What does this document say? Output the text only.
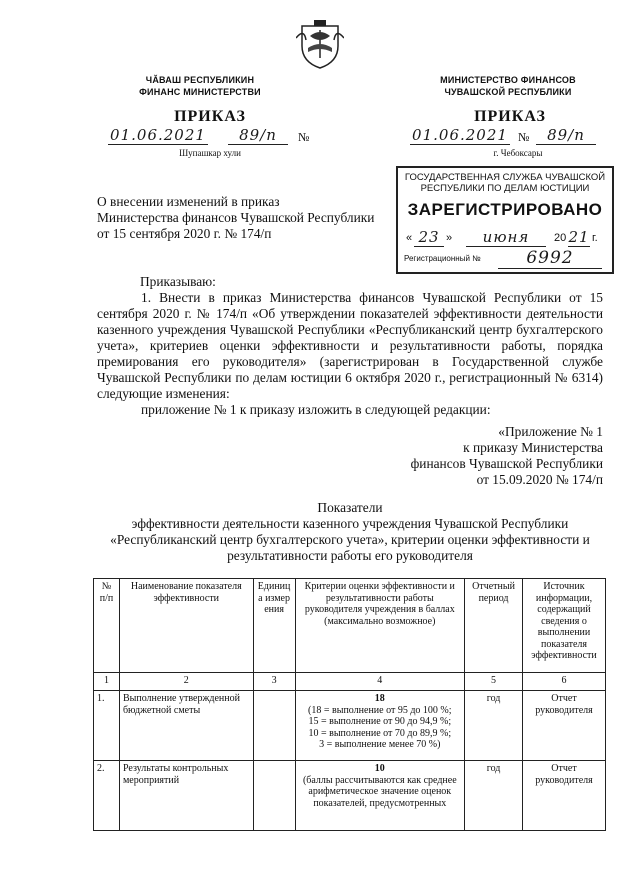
ЧĂВАШ РЕСПУБЛИКИН
ФИНАНС МИНИСТЕРСТВИ
ПРИКАЗ
01.06.2021	89/п	№
Шупашкар хули
МИНИСТЕРСТВО ФИНАНСОВ
ЧУВАШСКОЙ РЕСПУБЛИКИ
ПРИКАЗ
01.06.2021 №	89/п
г. Чебоксары
ГОСУДАРСТВЕННАЯ СЛУЖБА ЧУВАШСКОЙ
РЕСПУБЛИКИ ПО ДЕЛАМ ЮСТИЦИИ
ЗАРЕГИСТРИРОВАНО
« 23 »	июня	20 21 г.
Регистрационный №	6992
О внесении изменений в приказ
Министерства финансов Чувашской Республики
от 15 сентября 2020 г. № 174/п
Приказываю:
1. Внести в приказ Министерства финансов Чувашской Республики от 15 сентября 2020 г. № 174/п «Об утверждении показателей эффективности деятельности казенного учреждения Чувашской Республики «Республиканский центр бухгалтерского учета», критериев оценки эффективности и результативности работы, порядка премирования его руководителя» (зарегистрирован в Государственной службе Чувашской Республики по делам юстиции 6 октября 2020 г., регистрационный № 6314) следующие изменения:
приложение № 1 к приказу изложить в следующей редакции:
«Приложение № 1
к приказу Министерства
финансов Чувашской Республики
от 15.09.2020 № 174/п
Показатели
эффективности деятельности казенного учреждения Чувашской Республики
«Республиканский центр бухгалтерского учета», критерии оценки эффективности и
результативности работы его руководителя
№ п/п	Наименование показателя эффективности	Единица измерения	Критерии оценки эффективности и результативности работы руководителя учреждения в баллах (максимально возможное)	Отчетный период	Источник информации, содержащий сведения о выполнении показателя эффективности
1	2	3	4	5	6
1.	Выполнение утвержденной бюджетной сметы		18
(18 = выполнение от 95 до 100 %;
15 = выполнение от 90 до 94,9 %;
10 = выполнение от 70 до 89,9 %;
3 = выполнение менее 70 %)	год	Отчет руководителя
2.	Результаты контрольных мероприятий		10
(баллы рассчитываются как среднее
арифметическое значение оценок
показателей, предусмотренных	год	Отчет руководителя
